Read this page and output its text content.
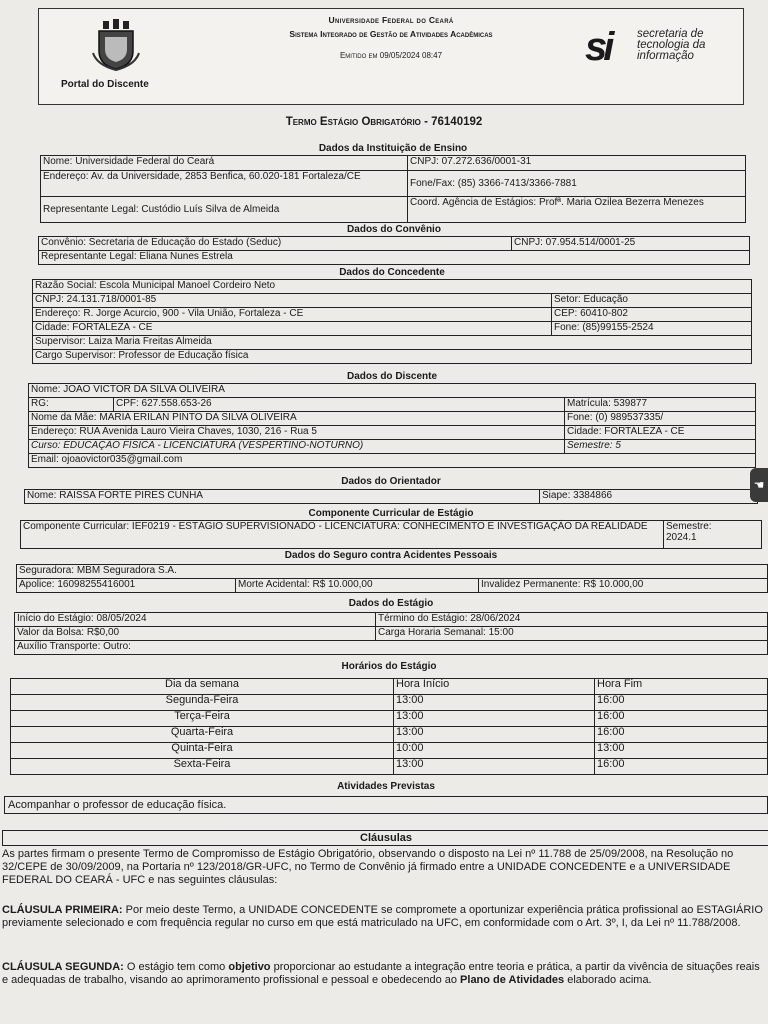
Portal do Discente
Universidade Federal do Ceará
Sistema Integrado de Gestão de Atividades Acadêmicas
Emitido em 09/05/2024 08:47	si secretaria de
tecnologia da
informação
Termo Estágio Obrigatório - 76140192
Dados da Instituição de Ensino
Nome: Universidade Federal do Ceará	CNPJ: 07.272.636/0001-31
Endereço: Av. da Universidade, 2853 Benfica, 60.020-181 Fortaleza/CE	Fone/Fax: (85) 3366-7413/3366-7881
Representante Legal: Custódio Luís Silva de Almeida	Coord. Agência de Estágios: Profª. Maria Ozilea Bezerra Menezes
Dados do Convênio
Convênio: Secretaria de Educação do Estado (Seduc)	CNPJ: 07.954.514/0001-25
Representante Legal: Eliana Nunes Estrela
Dados do Concedente
Razão Social: Escola Municipal Manoel Cordeiro Neto	
CNPJ: 24.131.718/0001-85	Setor: Educação
Endereço: R. Jorge Acurcio, 900 - Vila União, Fortaleza - CE	CEP: 60410-802
Cidade: FORTALEZA - CE	Fone: (85)99155-2524
Supervisor: Laiza Maria Freitas Almeida	
Cargo Supervisor: Professor de Educação física	
Dados do Discente
Nome: JOAO VICTOR DA SILVA OLIVEIRA		
RG:	CPF: 627.558.653-26	Matrícula: 539877
Nome da Mãe: MARIA ERILAN PINTO DA SILVA OLIVEIRA		Fone: (0) 989537335/
Endereço: RUA Avenida Lauro Vieira Chaves, 1030, 216 - Rua 5		Cidade: FORTALEZA - CE
Curso: EDUCAÇÃO FÍSICA - LICENCIATURA (VESPERTINO-NOTURNO)		Semestre: 5
Email: ojoaovictor035@gmail.com		
Dados do Orientador
Nome: RAISSA FORTE PIRES CUNHA	Siape: 3384866
Componente Curricular de Estágio
Componente Curricular: IEF0219 - ESTÁGIO SUPERVISIONADO - LICENCIATURA: CONHECIMENTO E INVESTIGAÇÃO DA REALIDADE	Semestre:
2024.1
Dados do Seguro contra Acidentes Pessoais
Seguradora: MBM Seguradora S.A.
Apolice: 16098255416001	Morte Acidental: R$ 10.000,00	Invalidez Permanente: R$ 10.000,00
Dados do Estágio
Início do Estágio: 08/05/2024	Término do Estágio: 28/06/2024
Valor da Bolsa: R$0,00	Carga Horaria Semanal: 15:00
Auxílio Transporte: Outro:	
Horários do Estágio
Dia da semana	Hora Início	Hora Fim
Segunda-Feira	13:00	16:00
Terça-Feira	13:00	16:00
Quarta-Feira	13:00	16:00
Quinta-Feira	10:00	13:00
Sexta-Feira	13:00	16:00
Atividades Previstas
Acompanhar o professor de educação física.
Cláusulas
As partes firmam o presente Termo de Compromisso de Estágio Obrigatório, observando o disposto na Lei nº 11.788 de 25/09/2008, na Resolução no 32/CEPE de 30/09/2009, na Portaria nº 123/2018/GR-UFC, no Termo de Convênio já firmado entre a UNIDADE CONCEDENTE e a UNIVERSIDADE FEDERAL DO CEARÁ - UFC e nas seguintes cláusulas:
CLÁUSULA PRIMEIRA: Por meio deste Termo, a UNIDADE CONCEDENTE se compromete a oportunizar experiência prática profissional ao ESTAGIÁRIO previamente selecionado e com frequência regular no curso em que está matriculado na UFC, em conformidade com o Art. 3º, I, da Lei nº 11.788/2008.
CLÁUSULA SEGUNDA: O estágio tem como objetivo proporcionar ao estudante a integração entre teoria e prática, a partir da vivência de situações reais e adequadas de trabalho, visando ao aprimoramento profissional e pessoal e obedecendo ao Plano de Atividades elaborado acima.
☚
